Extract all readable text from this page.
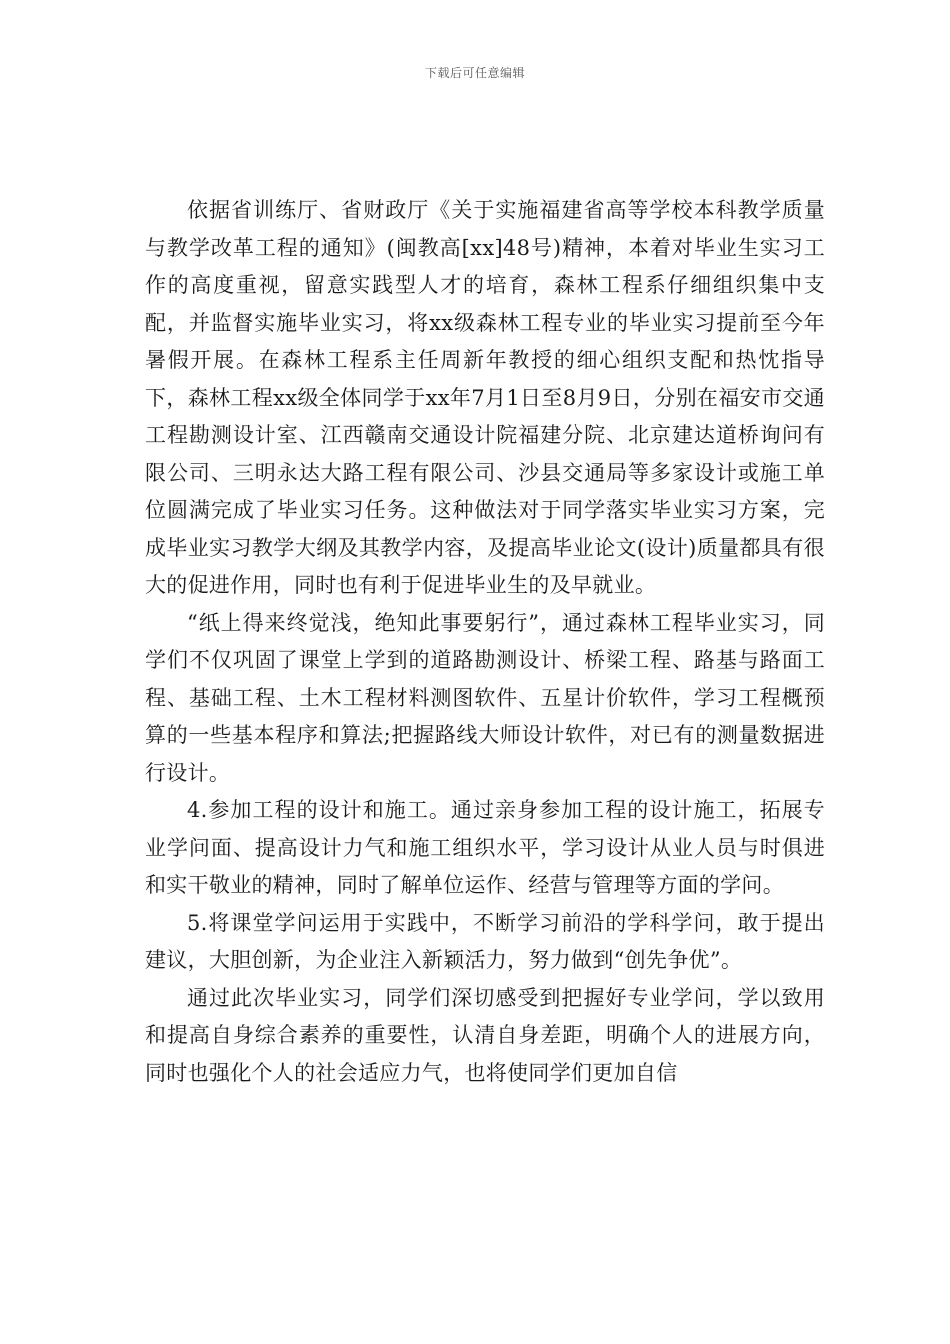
下载后可任意编辑

依据省训练厅、省财政厅《关于实施福建省高等学校本科教学质量与教学改革工程的通知》(闽教高[xx]48号)精神，本着对毕业生实习工作的高度重视，留意实践型人才的培育，森林工程系仔细组织集中支配，并监督实施毕业实习，将xx级森林工程专业的毕业实习提前至今年暑假开展。在森林工程系主任周新年教授的细心组织支配和热忱指导下，森林工程xx级全体同学于xx年7月1日至8月9日，分别在福安市交通工程勘测设计室、江西赣南交通设计院福建分院、北京建达道桥询问有限公司、三明永达大路工程有限公司、沙县交通局等多家设计或施工单位圆满完成了毕业实习任务。这种做法对于同学落实毕业实习方案，完成毕业实习教学大纲及其教学内容，及提高毕业论文(设计)质量都具有很大的促进作用，同时也有利于促进毕业生的及早就业。

“纸上得来终觉浅，绝知此事要躬行”，通过森林工程毕业实习，同学们不仅巩固了课堂上学到的道路勘测设计、桥梁工程、路基与路面工程、基础工程、土木工程材料测图软件、五星计价软件，学习工程概预算的一些基本程序和算法;把握路线大师设计软件，对已有的测量数据进行设计。

4.参加工程的设计和施工。通过亲身参加工程的设计施工，拓展专业学问面、提高设计力气和施工组织水平，学习设计从业人员与时俱进和实干敬业的精神，同时了解单位运作、经营与管理等方面的学问。

5.将课堂学问运用于实践中，不断学习前沿的学科学问，敢于提出建议，大胆创新，为企业注入新颖活力，努力做到“创先争优”。

通过此次毕业实习，同学们深切感受到把握好专业学问，学以致用和提高自身综合素养的重要性，认清自身差距，明确个人的进展方向，同时也强化个人的社会适应力气，也将使同学们更加自信
